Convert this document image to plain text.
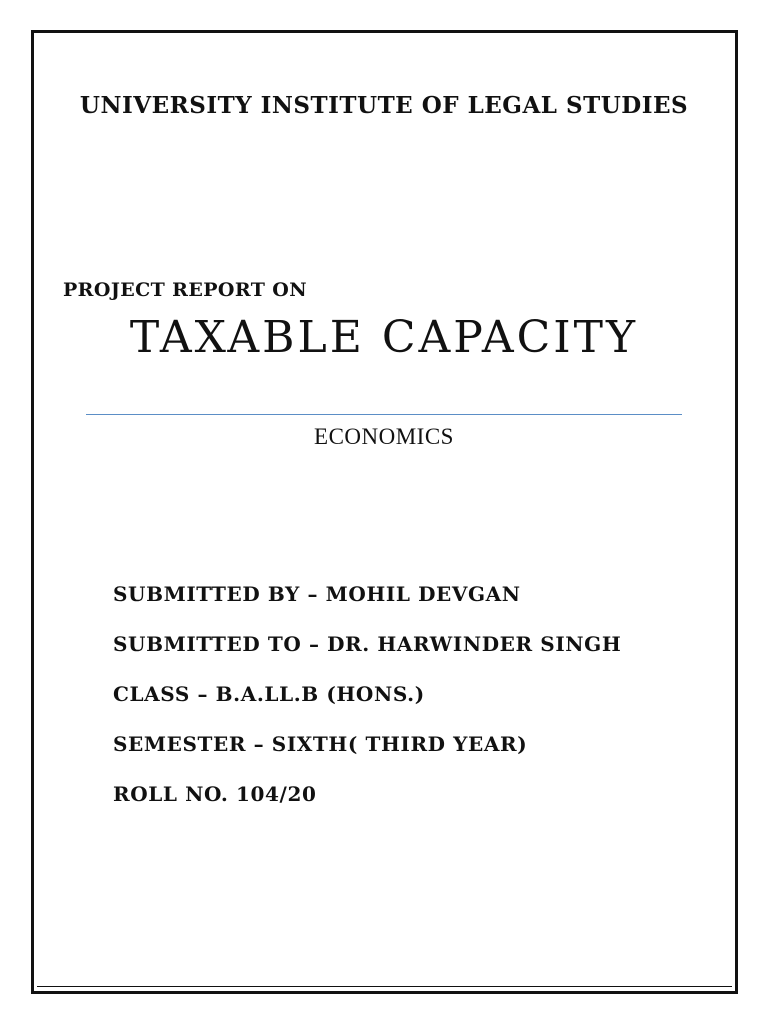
UNIVERSITY INSTITUTE OF LEGAL STUDIES
PROJECT REPORT ON
TAXABLE CAPACITY
ECONOMICS
SUBMITTED BY – MOHIL DEVGAN
SUBMITTED TO – DR. HARWINDER SINGH
CLASS – B.A.LL.B (HONS.)
SEMESTER – SIXTH( THIRD YEAR)
ROLL NO. 104/20
